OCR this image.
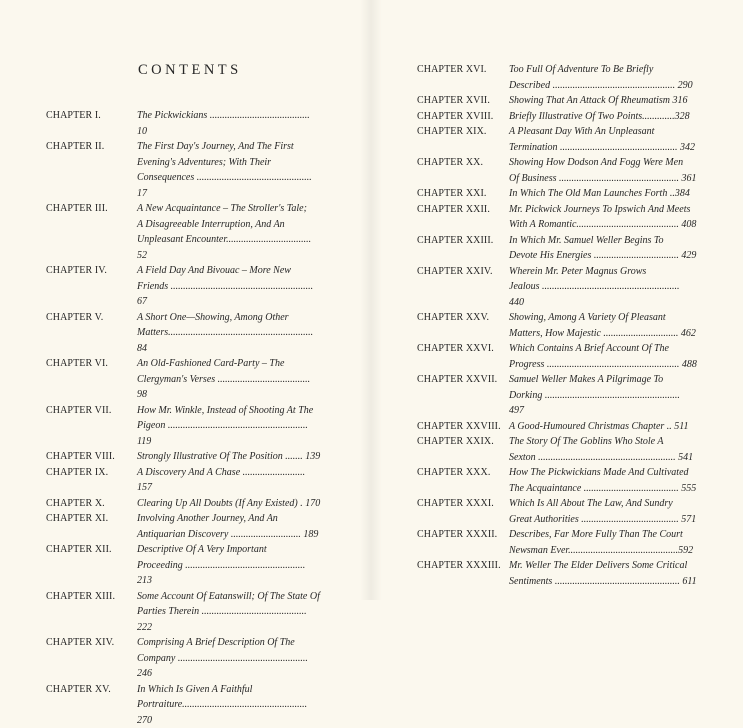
CONTENTS
CHAPTER I.	The Pickwickians ........................................ 10
CHAPTER II.	The First Day's Journey, And The First
Evening's Adventures; With Their
Consequences .............................................. 17
CHAPTER III.	A New Acquaintance – The Stroller's Tale;
A Disagreeable Interruption, And An
Unpleasant Encounter.................................. 52
CHAPTER IV.	A Field Day And Bivouac – More New
Friends ......................................................... 67
CHAPTER V.	A Short One—Showing, Among Other
Matters.......................................................... 84
CHAPTER VI.	An Old-Fashioned Card-Party – The
Clergyman's Verses ..................................... 98
CHAPTER VII.	How Mr. Winkle, Instead of Shooting At The
Pigeon ........................................................ 119
CHAPTER VIII.	Strongly Illustrative Of The Position ....... 139
CHAPTER IX.	A Discovery And A Chase ......................... 157
CHAPTER X.	Clearing Up All Doubts (If Any Existed) . 170
CHAPTER XI.	Involving Another Journey, And An
Antiquarian Discovery ............................ 189
CHAPTER XII.	Descriptive Of A Very Important
Proceeding ................................................ 213
CHAPTER XIII.	Some Account Of Eatanswill; Of The State Of
Parties Therein .......................................... 222
CHAPTER XIV.	Comprising A Brief Description Of The
Company .................................................... 246
CHAPTER XV.	In Which Is Given A Faithful
Portraiture.................................................. 270
CHAPTER XVI.	Too Full Of Adventure To Be Briefly
Described ................................................. 290
CHAPTER XVII.	Showing That An Attack Of Rheumatism 316
CHAPTER XVIII.	Briefly Illustrative Of Two Points.............328
CHAPTER XIX.	A Pleasant Day With An Unpleasant
Termination ............................................... 342
CHAPTER XX.	Showing How Dodson And Fogg Were Men
Of Business ................................................ 361
CHAPTER XXI.	In Which The Old Man Launches Forth ..384
CHAPTER XXII.	Mr. Pickwick Journeys To Ipswich And Meets
With A Romantic......................................... 408
CHAPTER XXIII.	In Which Mr. Samuel Weller Begins To
Devote His Energies .................................. 429
CHAPTER XXIV.	Wherein Mr. Peter Magnus Grows
Jealous ....................................................... 440
CHAPTER XXV.	Showing, Among A Variety Of Pleasant
Matters, How Majestic .............................. 462
CHAPTER XXVI.	Which Contains A Brief Account Of The
Progress ..................................................... 488
CHAPTER XXVII.	Samuel Weller Makes A Pilgrimage To
Dorking ...................................................... 497
CHAPTER XXVIII. A Good-Humoured Christmas Chapter .. 511
CHAPTER XXIX.	The Story Of The Goblins Who Stole A
Sexton ....................................................... 541
CHAPTER XXX.	How The Pickwickians Made And Cultivated
The Acquaintance ...................................... 555
CHAPTER XXXI.	Which Is All About The Law, And Sundry
Great Authorities ....................................... 571
CHAPTER XXXII.	Describes, Far More Fully Than The Court
Newsman Ever............................................592
CHAPTER XXXIII. Mr. Weller The Elder Delivers Some Critical
Sentiments .................................................. 611
